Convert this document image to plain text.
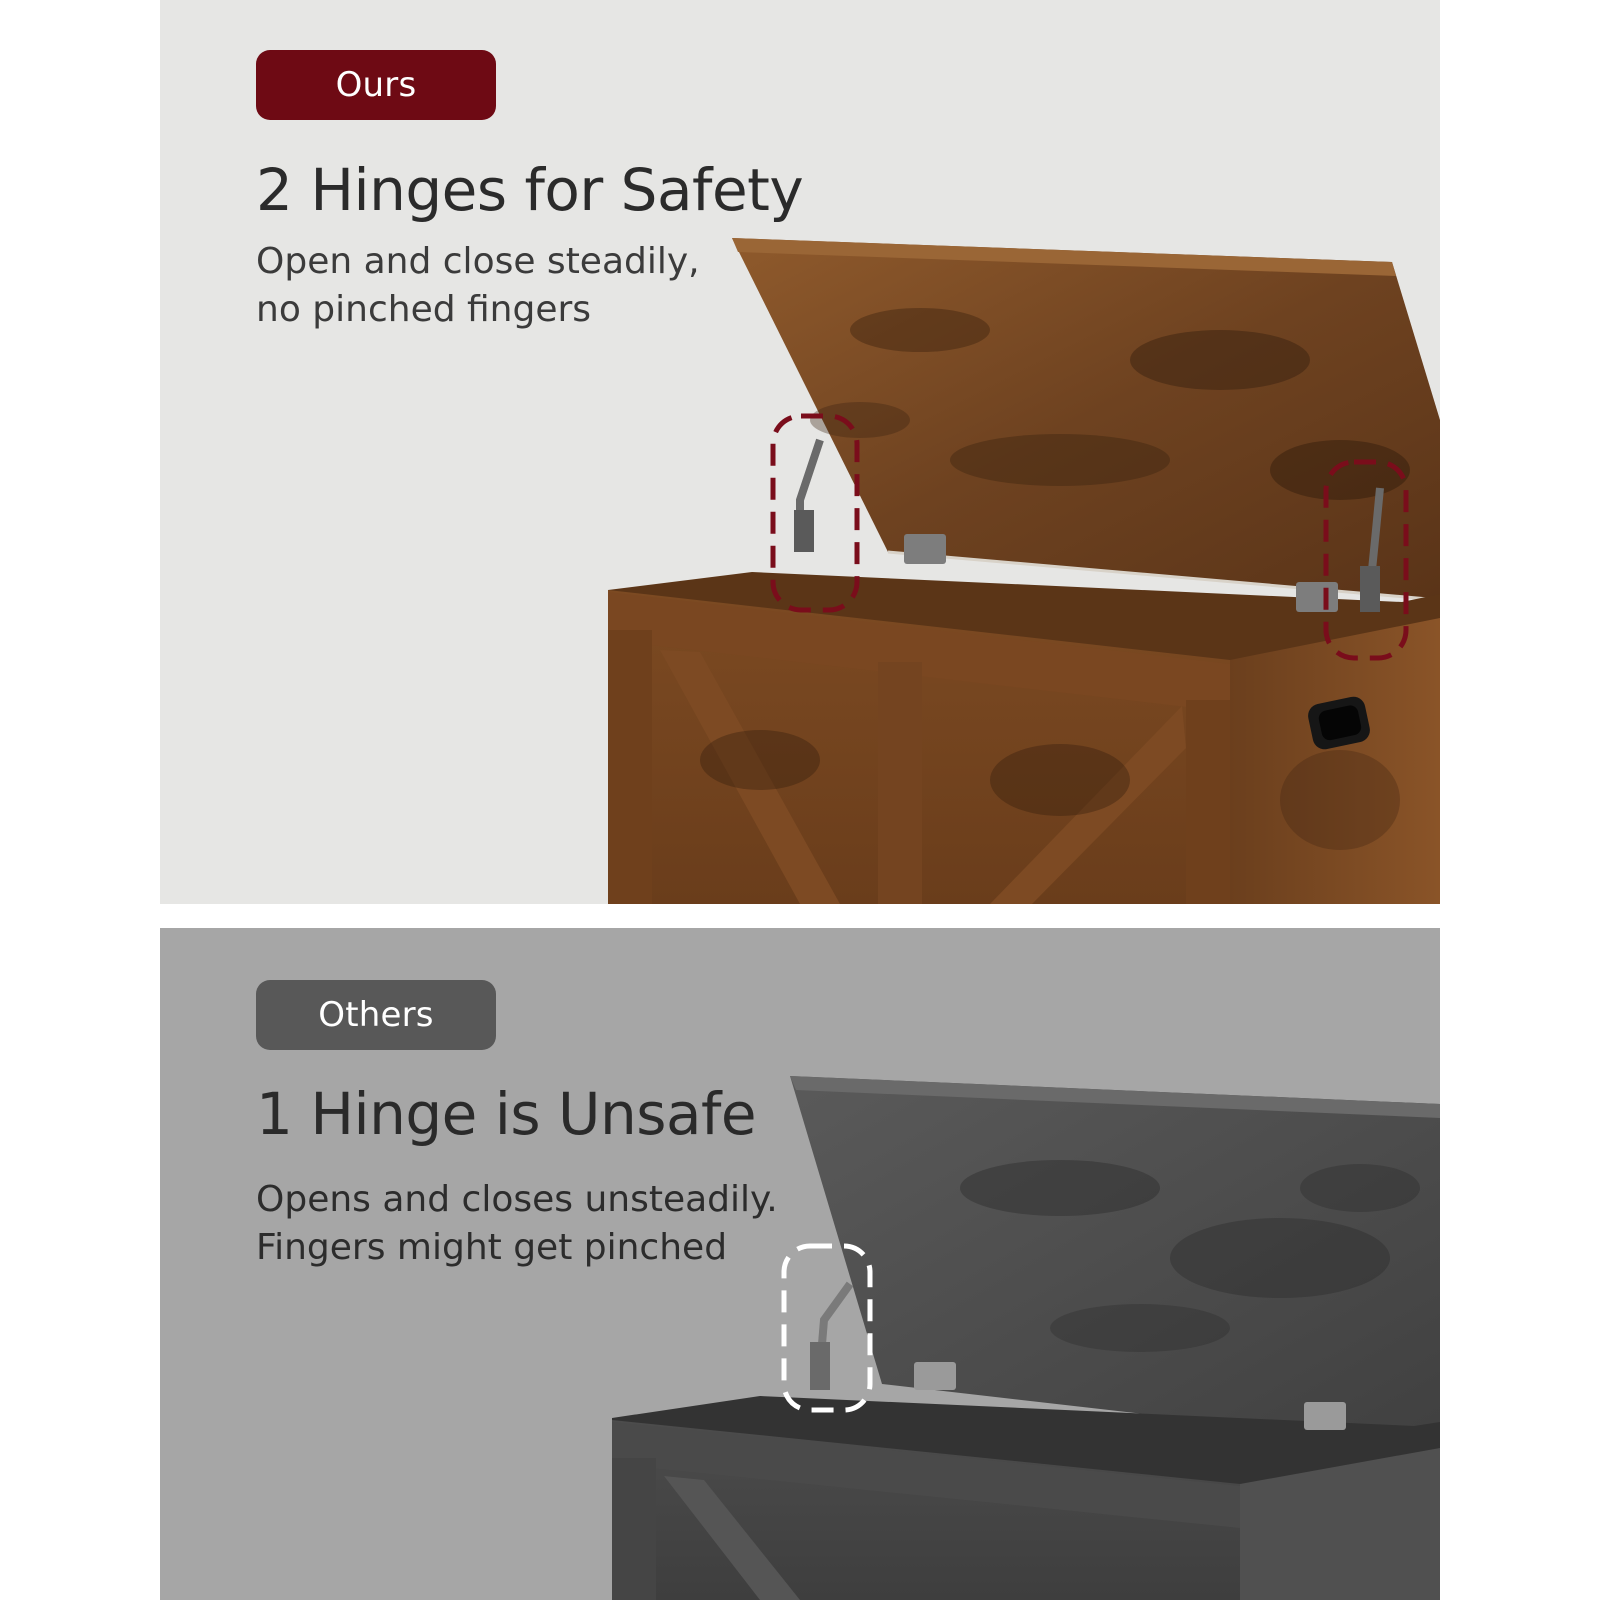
Ours
2 Hinges for Safety

Open and close steadily,
no pinched fingers

Others
1 Hinge is Unsafe

Opens and closes unsteadily.
Fingers might get pinched
